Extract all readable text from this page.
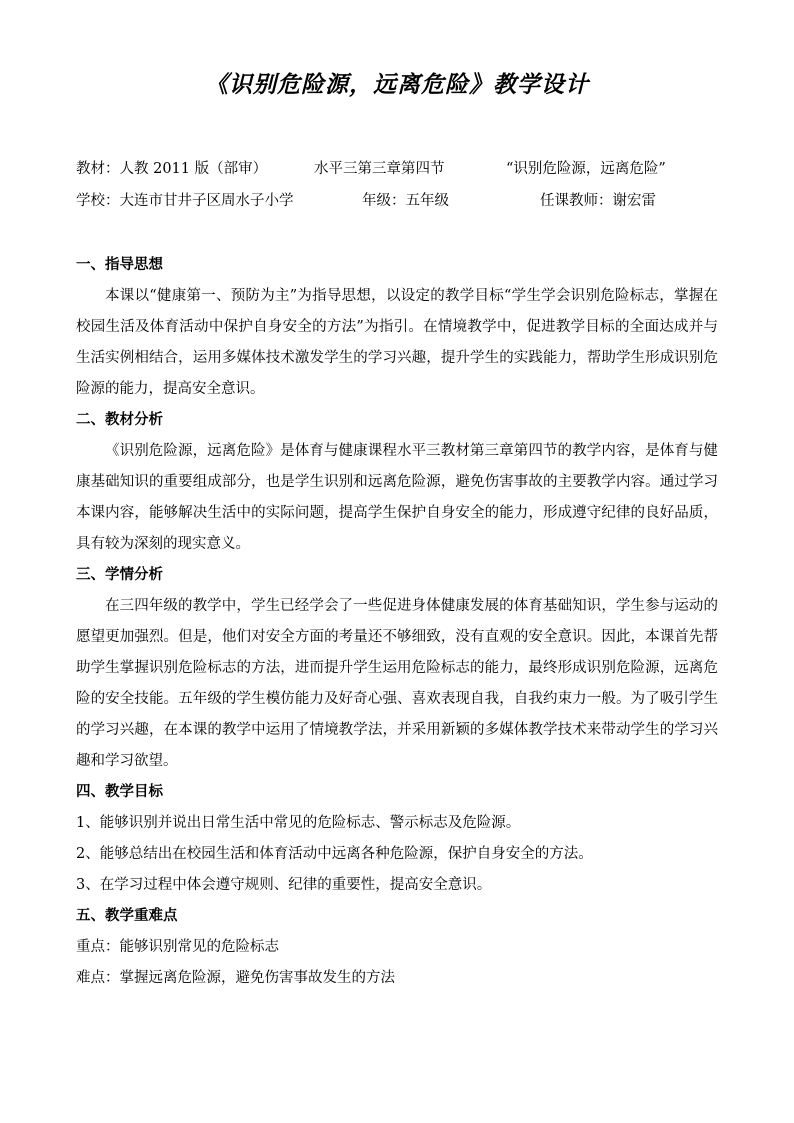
《识别危险源，远离危险》教学设计
教材：人教 2011 版（部审）	水平三第三章第四节	“识别危险源，远离危险”
学校：大连市甘井子区周水子小学	年级：五年级	任课教师：谢宏雷

一、指导思想

本课以“健康第一、预防为主”为指导思想，以设定的教学目标“学生学会识别危险标志，掌握在校园生活及体育活动中保护自身安全的方法”为指引。在情境教学中，促进教学目标的全面达成并与生活实例相结合，运用多媒体技术激发学生的学习兴趣，提升学生的实践能力，帮助学生形成识别危险源的能力，提高安全意识。

二、教材分析

《识别危险源，远离危险》是体育与健康课程水平三教材第三章第四节的教学内容，是体育与健康基础知识的重要组成部分，也是学生识别和远离危险源，避免伤害事故的主要教学内容。通过学习本课内容，能够解决生活中的实际问题，提高学生保护自身安全的能力，形成遵守纪律的良好品质，具有较为深刻的现实意义。

三、学情分析

在三四年级的教学中，学生已经学会了一些促进身体健康发展的体育基础知识，学生参与运动的愿望更加强烈。但是，他们对安全方面的考量还不够细致，没有直观的安全意识。因此，本课首先帮助学生掌握识别危险标志的方法，进而提升学生运用危险标志的能力，最终形成识别危险源，远离危险的安全技能。五年级的学生模仿能力及好奇心强、喜欢表现自我，自我约束力一般。为了吸引学生的学习兴趣，在本课的教学中运用了情境教学法，并采用新颖的多媒体教学技术来带动学生的学习兴趣和学习欲望。

四、教学目标

1、能够识别并说出日常生活中常见的危险标志、警示标志及危险源。

2、能够总结出在校园生活和体育活动中远离各种危险源，保护自身安全的方法。

3、在学习过程中体会遵守规则、纪律的重要性，提高安全意识。

五、教学重难点

重点：能够识别常见的危险标志

难点：掌握远离危险源，避免伤害事故发生的方法
